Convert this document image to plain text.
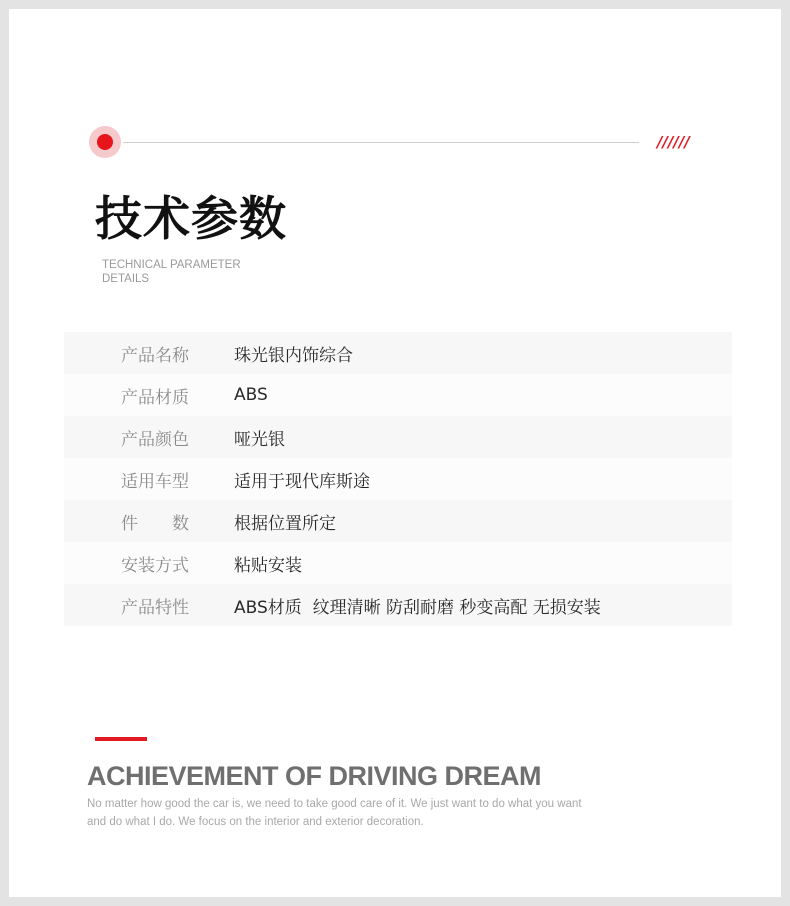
//////
技术参数
TECHNICAL PARAMETER DETAILS
产品名称	珠光银内饰综合
产品材质	ABS
产品颜色	哑光银
适用车型	适用于现代库斯途
件　　数	根据位置所定
安装方式	粘贴安装
产品特性	ABS材质  纹理清晰 防刮耐磨 秒变高配 无损安装
ACHIEVEMENT OF DRIVING DREAM
No matter how good the car is, we need to take good care of it. We just want to do what you want and do what I do. We focus on the interior and exterior decoration.
